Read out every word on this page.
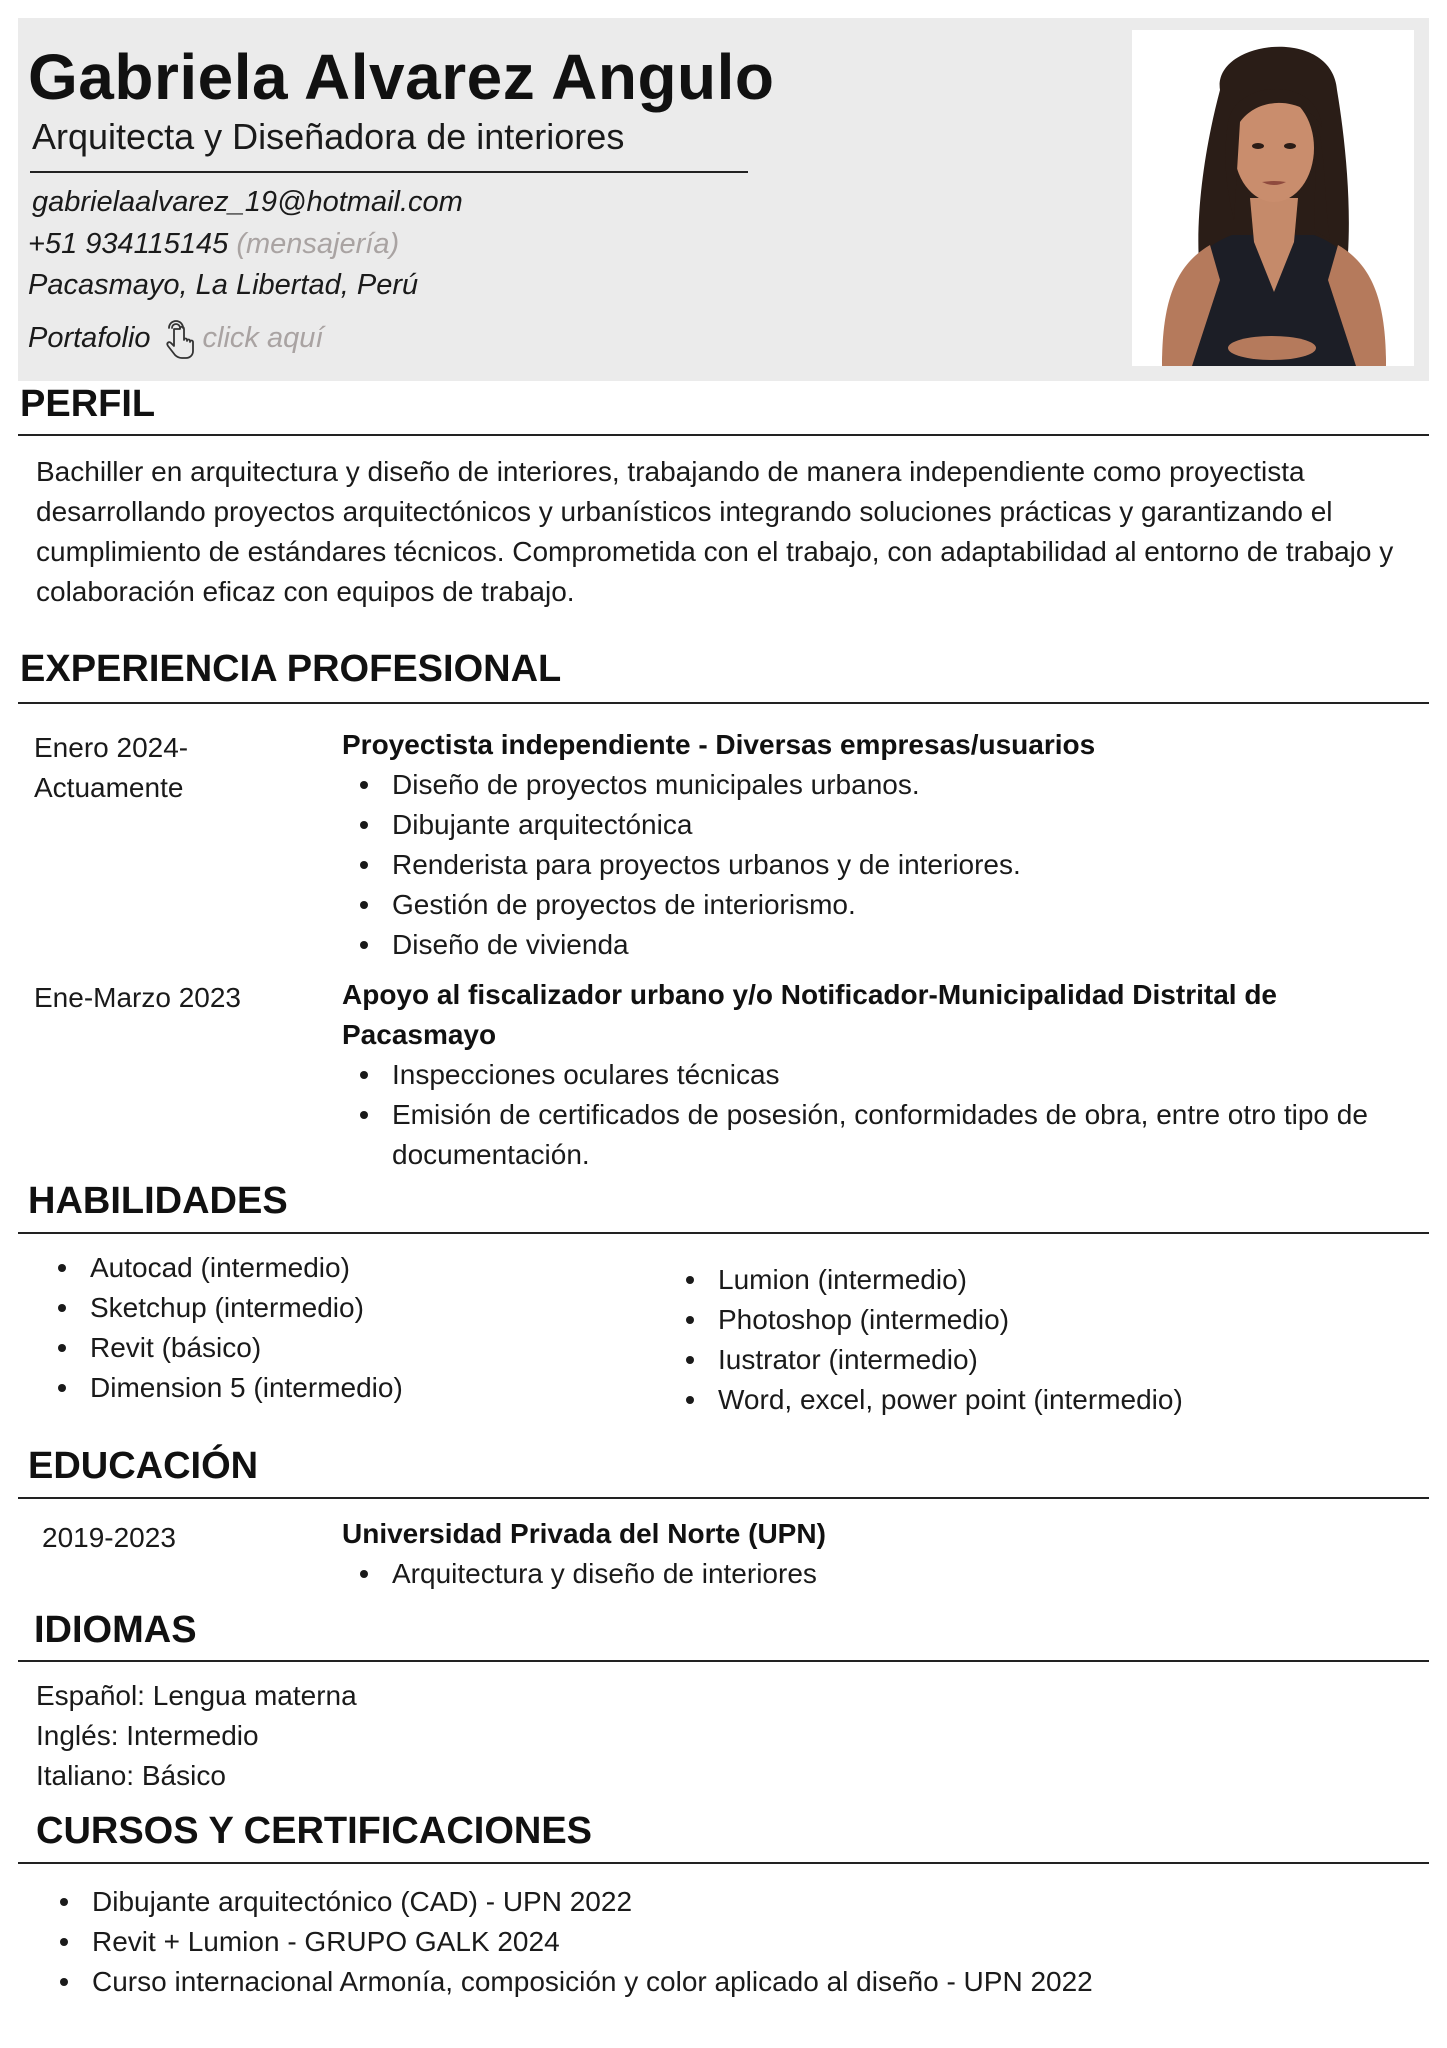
Gabriela Alvarez Angulo
Arquitecta y Diseñadora de interiores
gabrielaalvarez_19@hotmail.com
+51 934115145 (mensajería)
Pacasmayo, La Libertad, Perú
Portafolio click aquí
PERFIL

Bachiller en arquitectura y diseño de interiores, trabajando de manera independiente como proyectista desarrollando proyectos arquitectónicos y urbanísticos integrando soluciones prácticas y garantizando el cumplimiento de estándares técnicos. Comprometida con el trabajo, con adaptabilidad al entorno de trabajo y colaboración eficaz con equipos de trabajo.

EXPERIENCIA PROFESIONAL
Enero 2024-
Actuamente

Proyectista independiente - Diversas empresas/usuarios

Diseño de proyectos municipales urbanos.
Dibujante arquitectónica
Renderista para proyectos urbanos y de interiores.
Gestión de proyectos de interiorismo.
Diseño de vivienda
Ene-Marzo 2023	Apoyo al fiscalizador urbano y/o Notificador-Municipalidad Distrital de Pacasmayo

Inspecciones oculares técnicas
Emisión de certificados de posesión, conformidades de obra, entre otro tipo de documentación.
HABILIDADES
Autocad (intermedio)
Sketchup (intermedio)
Revit (básico)
Dimension 5 (intermedio)
Lumion (intermedio)
Photoshop (intermedio)
Iustrator (intermedio)
Word, excel, power point (intermedio)
EDUCACIÓN
2019-2023	Universidad Privada del Norte (UPN)

Arquitectura y diseño de interiores
IDIOMAS
Español: Lengua materna
Inglés: Intermedio
Italiano: Básico
CURSOS Y CERTIFICACIONES
Dibujante arquitectónico (CAD) - UPN 2022
Revit + Lumion - GRUPO GALK 2024
Curso internacional Armonía, composición y color aplicado al diseño - UPN 2022
